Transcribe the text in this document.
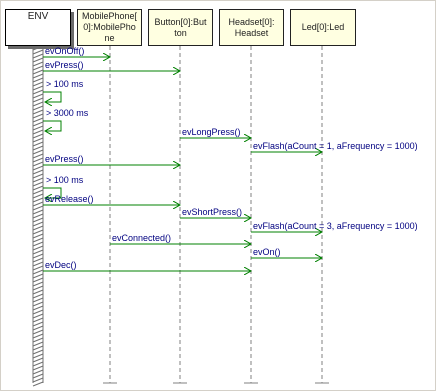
ENV	MobilePhone[
0]:MobilePho
ne
Button[0]:But
ton
Headset[0]:
Headset
Led[0]:Led
evOnOff()
evPress()
> 100 ms
> 3000 ms
evLongPress()
evFlash(aCount = 1, aFrequency = 1000)
evPress()
> 100 ms
evRelease()
evShortPress()
evFlash(aCount = 3, aFrequency = 1000)
evConnected()
evOn()
evDec()
